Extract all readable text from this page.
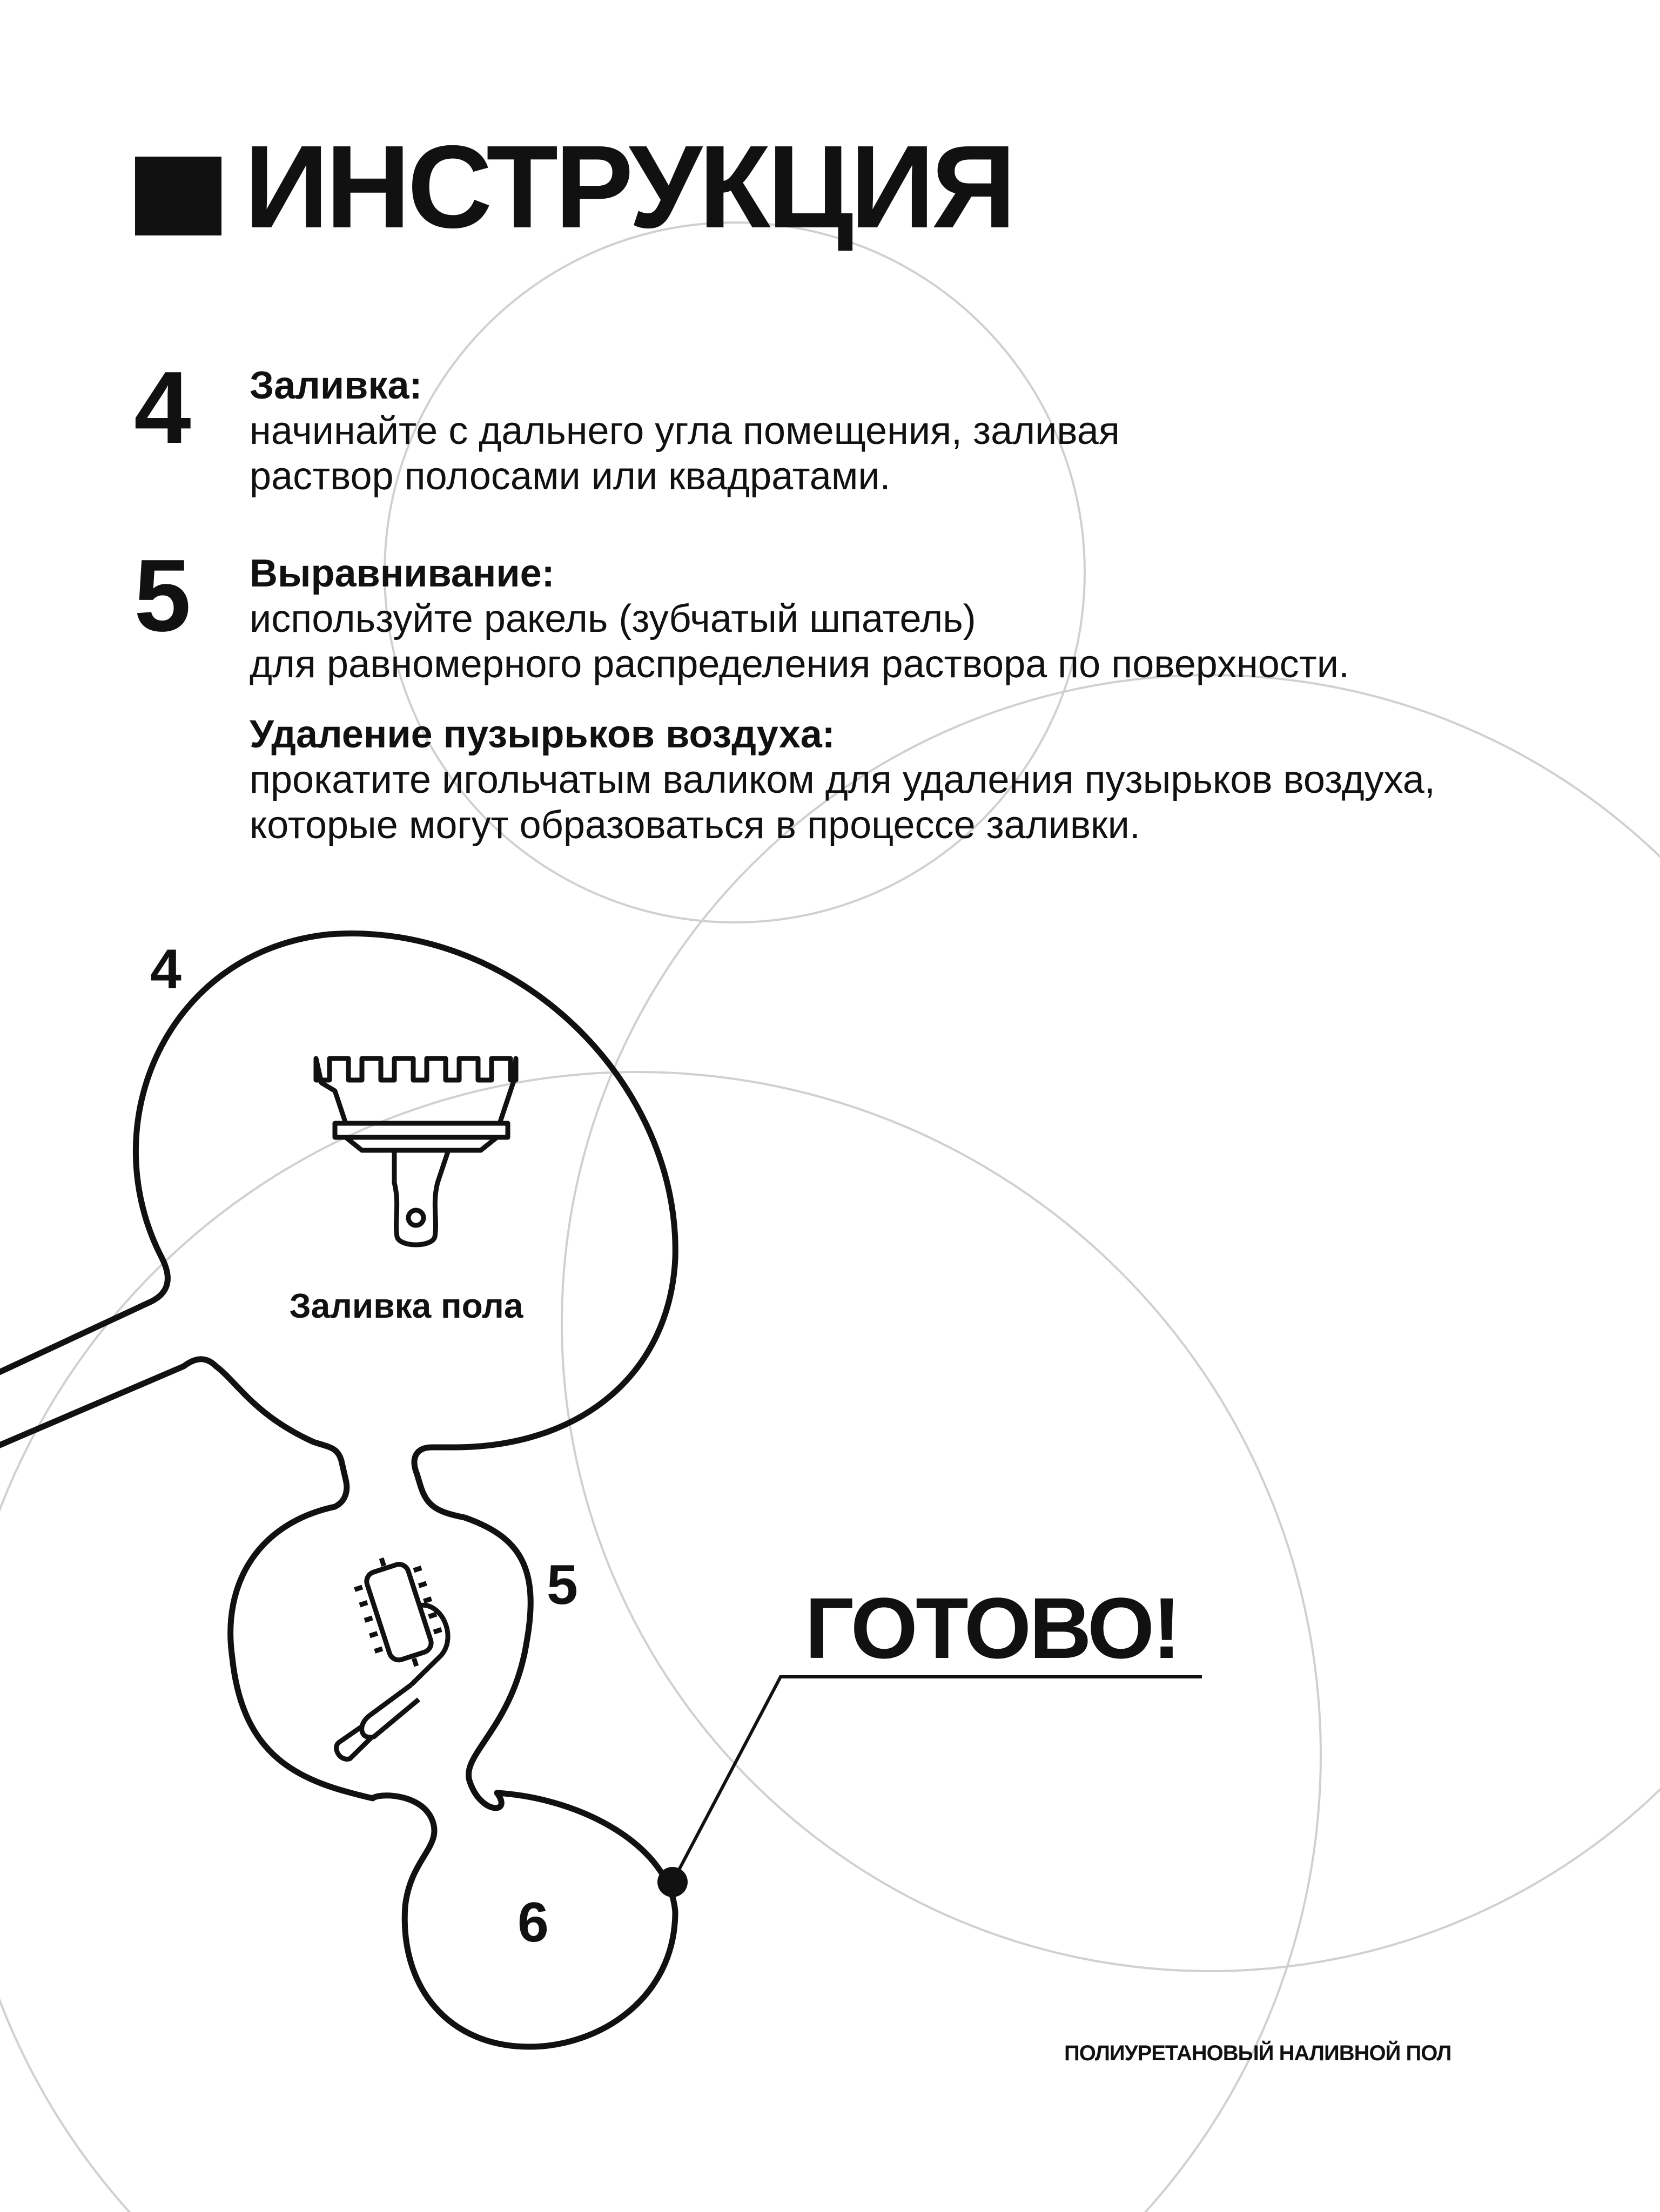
4
Заливка пола
5
6
ГОТОВО!
ИНСТРУКЦИЯ
4 Заливка:
начинайте с дальнего угла помещения, заливая
раствор полосами или квадратами.
5 Выравнивание:
используйте ракель (зубчатый шпатель)
для равномерного распределения раствора по поверхности.
Удаление пузырьков воздуха:
прокатите игольчатым валиком для удаления пузырьков воздуха,
которые могут образоваться в процессе заливки.
ПОЛИУРЕТАНОВЫЙ НАЛИВНОЙ ПОЛ
